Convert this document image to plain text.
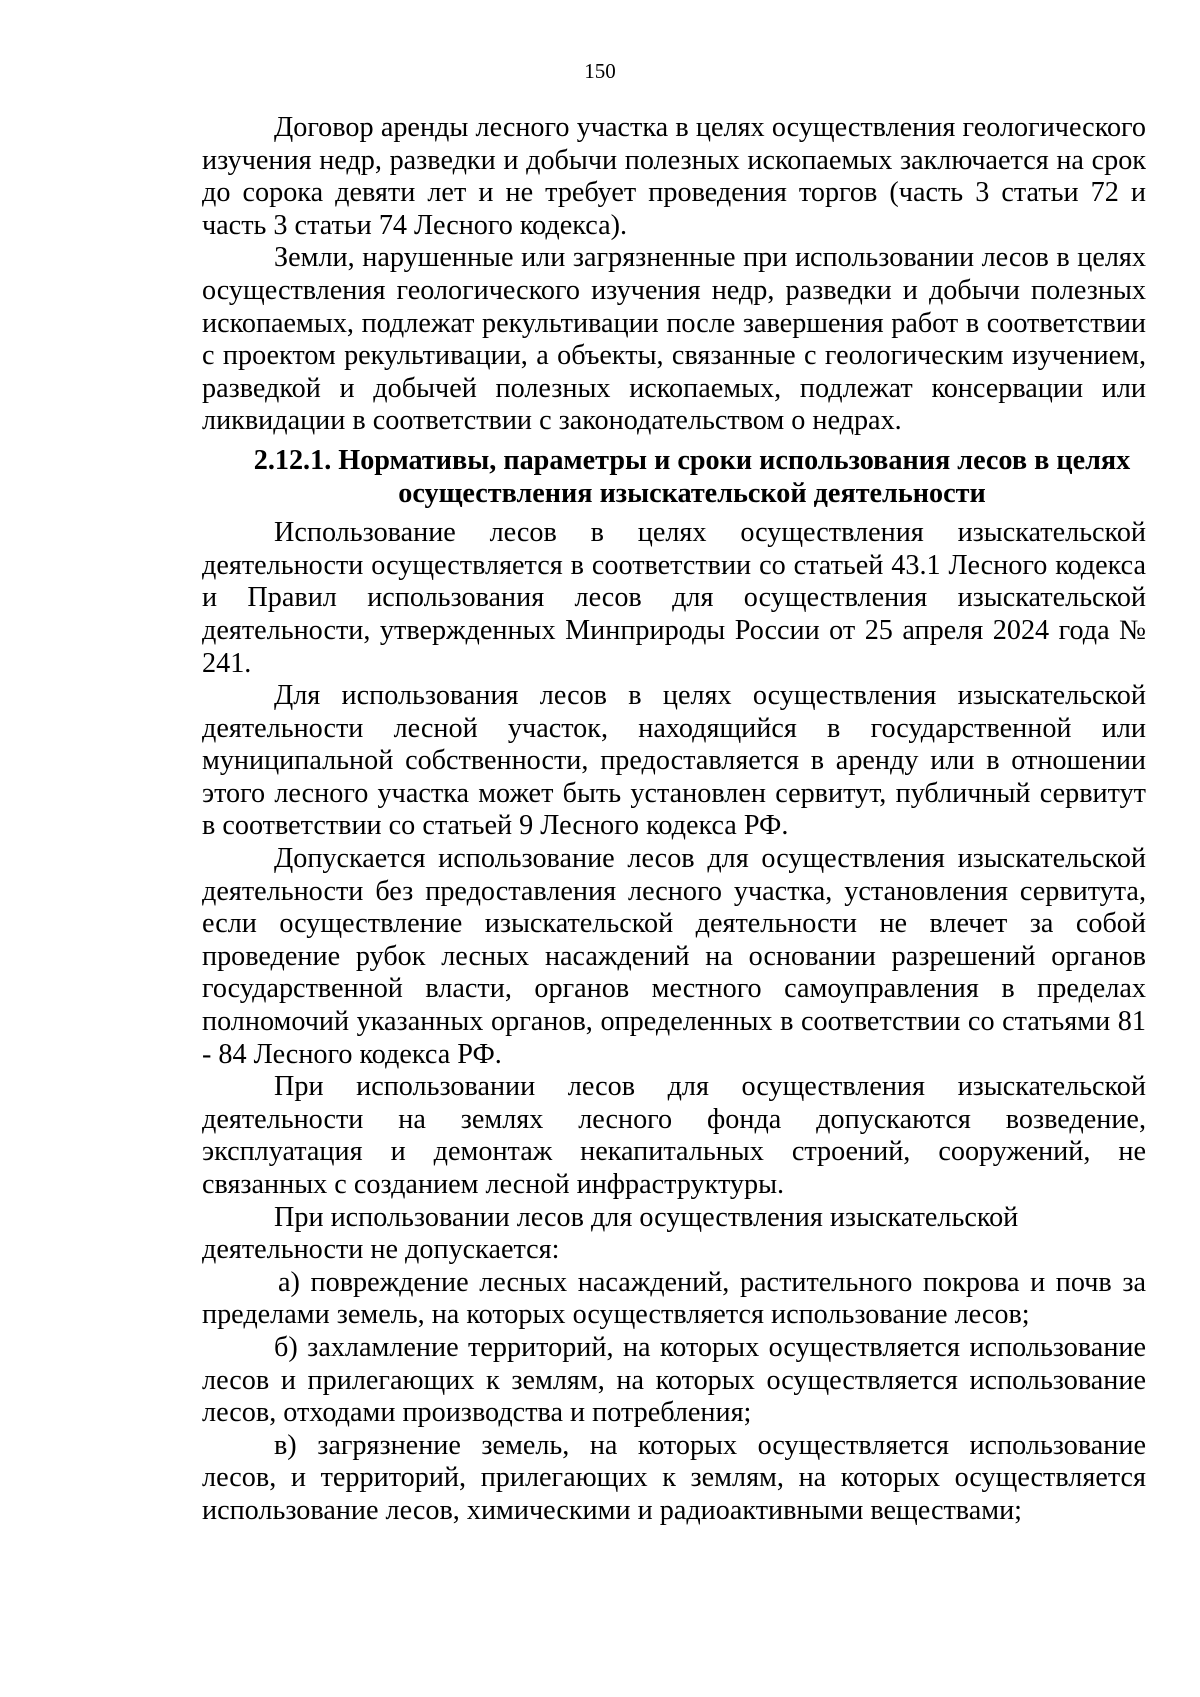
150

Договор аренды лесного участка в целях осуществления геологического изучения недр, разведки и добычи полезных ископаемых заключается на срок до сорока девяти лет и не требует проведения торгов (часть 3 статьи 72 и часть 3 статьи 74 Лесного кодекса).

Земли, нарушенные или загрязненные при использовании лесов в целях осуществления геологического изучения недр, разведки и добычи полезных ископаемых, подлежат рекультивации после завершения работ в соответствии с проектом рекультивации, а объекты, связанные с геологическим изучением, разведкой и добычей полезных ископаемых, подлежат консервации или ликвидации в соответствии с законодательством о недрах.

2.12.1. Нормативы, параметры и сроки использования лесов в целях осуществления изыскательской деятельности

Использование лесов в целях осуществления изыскательской деятельности осуществляется в соответствии со статьей 43.1 Лесного кодекса и Правил использования лесов для осуществления изыскательской деятельности, утвержденных Минприроды России от 25 апреля 2024 года № 241.

Для использования лесов в целях осуществления изыскательской деятельности лесной участок, находящийся в государственной или муниципальной собственности, предоставляется в аренду или в отношении этого лесного участка может быть установлен сервитут, публичный сервитут в соответствии со статьей 9 Лесного кодекса РФ.

Допускается использование лесов для осуществления изыскательской деятельности без предоставления лесного участка, установления сервитута, если осуществление изыскательской деятельности не влечет за собой проведение рубок лесных насаждений на основании разрешений органов государственной власти, органов местного самоуправления в пределах полномочий указанных органов, определенных в соответствии со статьями 81 - 84 Лесного кодекса РФ.

При использовании лесов для осуществления изыскательской деятельности на землях лесного фонда допускаются возведение, эксплуатация и демонтаж некапитальных строений, сооружений, не связанных с созданием лесной инфраструктуры.

При использовании лесов для осуществления изыскательской деятельности не допускается:

а) повреждение лесных насаждений, растительного покрова и почв за пределами земель, на которых осуществляется использование лесов;

б) захламление территорий, на которых осуществляется использование лесов и прилегающих к землям, на которых осуществляется использование лесов, отходами производства и потребления;

в) загрязнение земель, на которых осуществляется использование лесов, и территорий, прилегающих к землям, на которых осуществляется использование лесов, химическими и радиоактивными веществами;
